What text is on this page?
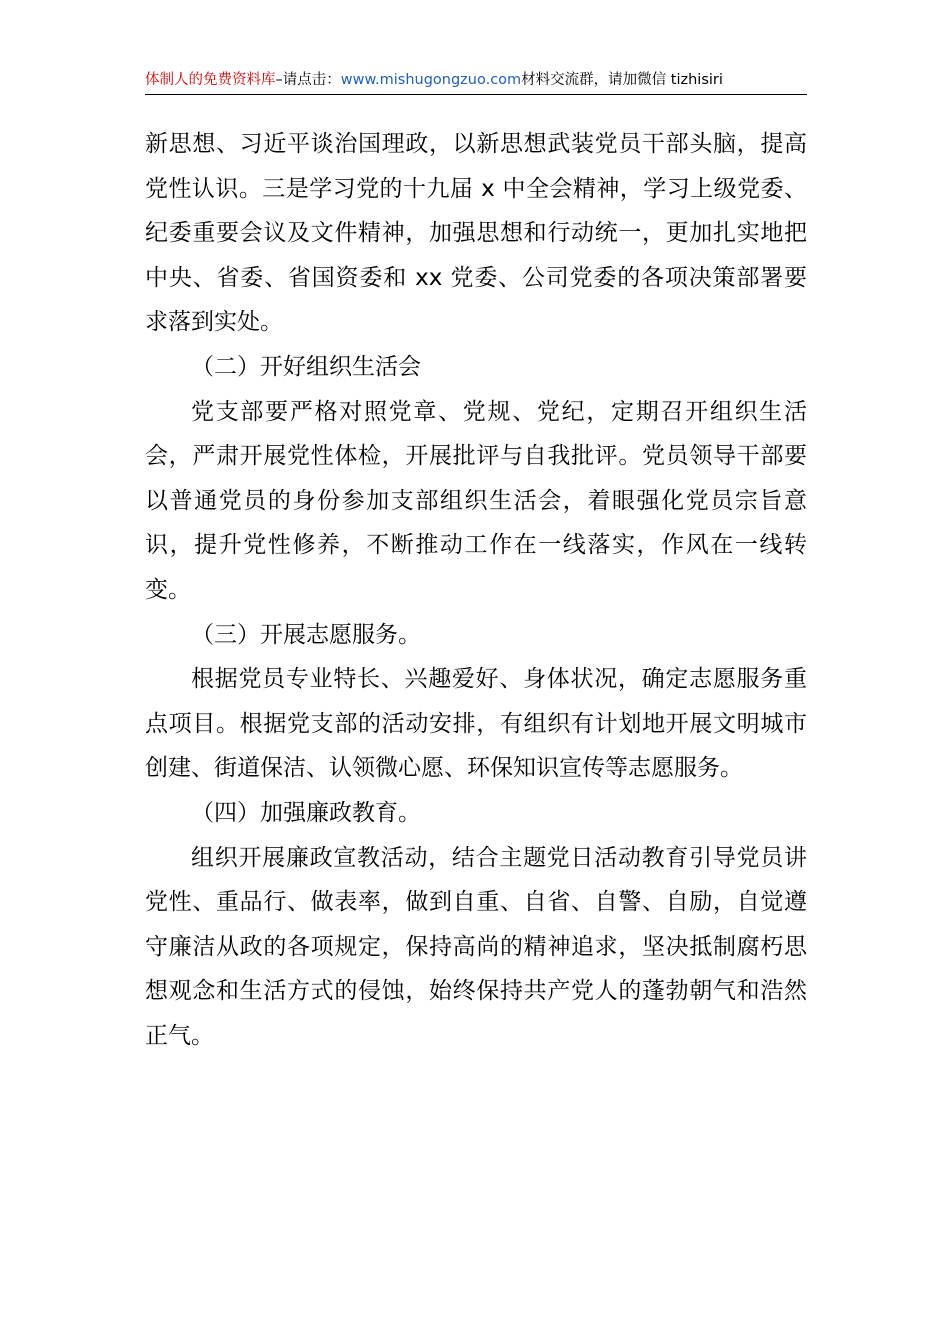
体制人的免费资料库–请点击：www.mishugongzuo.com材料交流群，请加微信 tizhisiri

新思想、习近平谈治国理政，以新思想武装党员干部头脑，提高党性认识。三是学习党的十九届 x 中全会精神，学习上级党委、纪委重要会议及文件精神，加强思想和行动统一，更加扎实地把中央、省委、省国资委和 xx 党委、公司党委的各项决策部署要求落到实处。

（二）开好组织生活会

党支部要严格对照党章、党规、党纪，定期召开组织生活会，严肃开展党性体检，开展批评与自我批评。党员领导干部要以普通党员的身份参加支部组织生活会，着眼强化党员宗旨意识，提升党性修养，不断推动工作在一线落实，作风在一线转变。

（三）开展志愿服务。

根据党员专业特长、兴趣爱好、身体状况，确定志愿服务重点项目。根据党支部的活动安排，有组织有计划地开展文明城市创建、街道保洁、认领微心愿、环保知识宣传等志愿服务。

（四）加强廉政教育。

组织开展廉政宣教活动，结合主题党日活动教育引导党员讲党性、重品行、做表率，做到自重、自省、自警、自励，自觉遵守廉洁从政的各项规定，保持高尚的精神追求，坚决抵制腐朽思想观念和生活方式的侵蚀，始终保持共产党人的蓬勃朝气和浩然正气。
